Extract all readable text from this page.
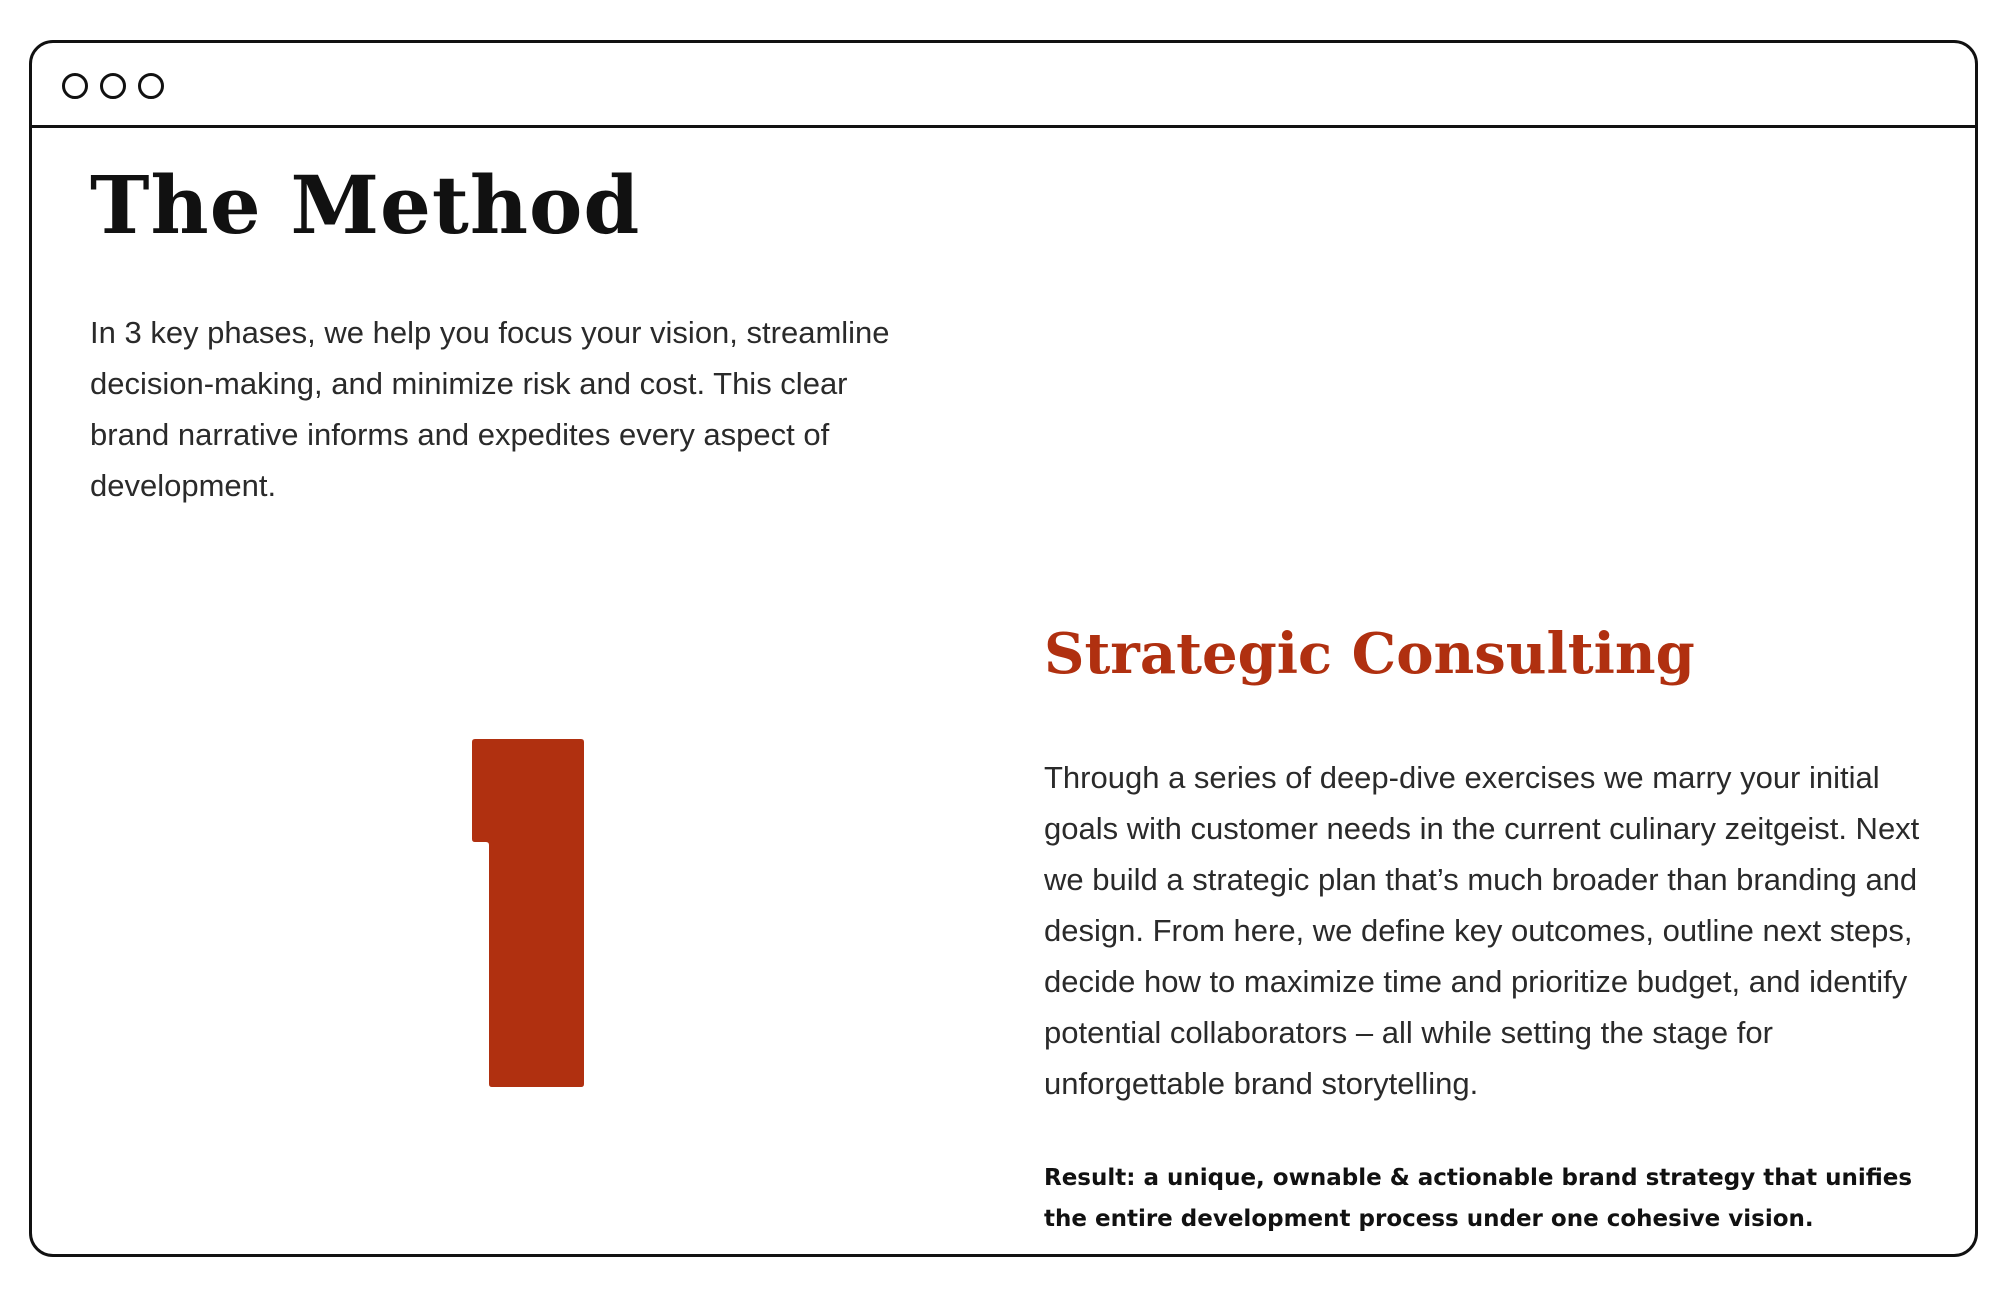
The Method

In 3 key phases, we help you focus your vision, streamline decision-making, and minimize risk and cost. This clear brand narrative informs and expedites every aspect of development.

Strategic Consulting

Through a series of deep-dive exercises we marry your initial goals with customer needs in the current culinary zeitgeist. Next we build a strategic plan that’s much broader than branding and design. From here, we define key outcomes, outline next steps, decide how to maximize time and prioritize budget, and identify potential collaborators – all while setting the stage for unforgettable brand storytelling.

Result: a unique, ownable & actionable brand strategy that unifies the entire development process under one cohesive vision.
